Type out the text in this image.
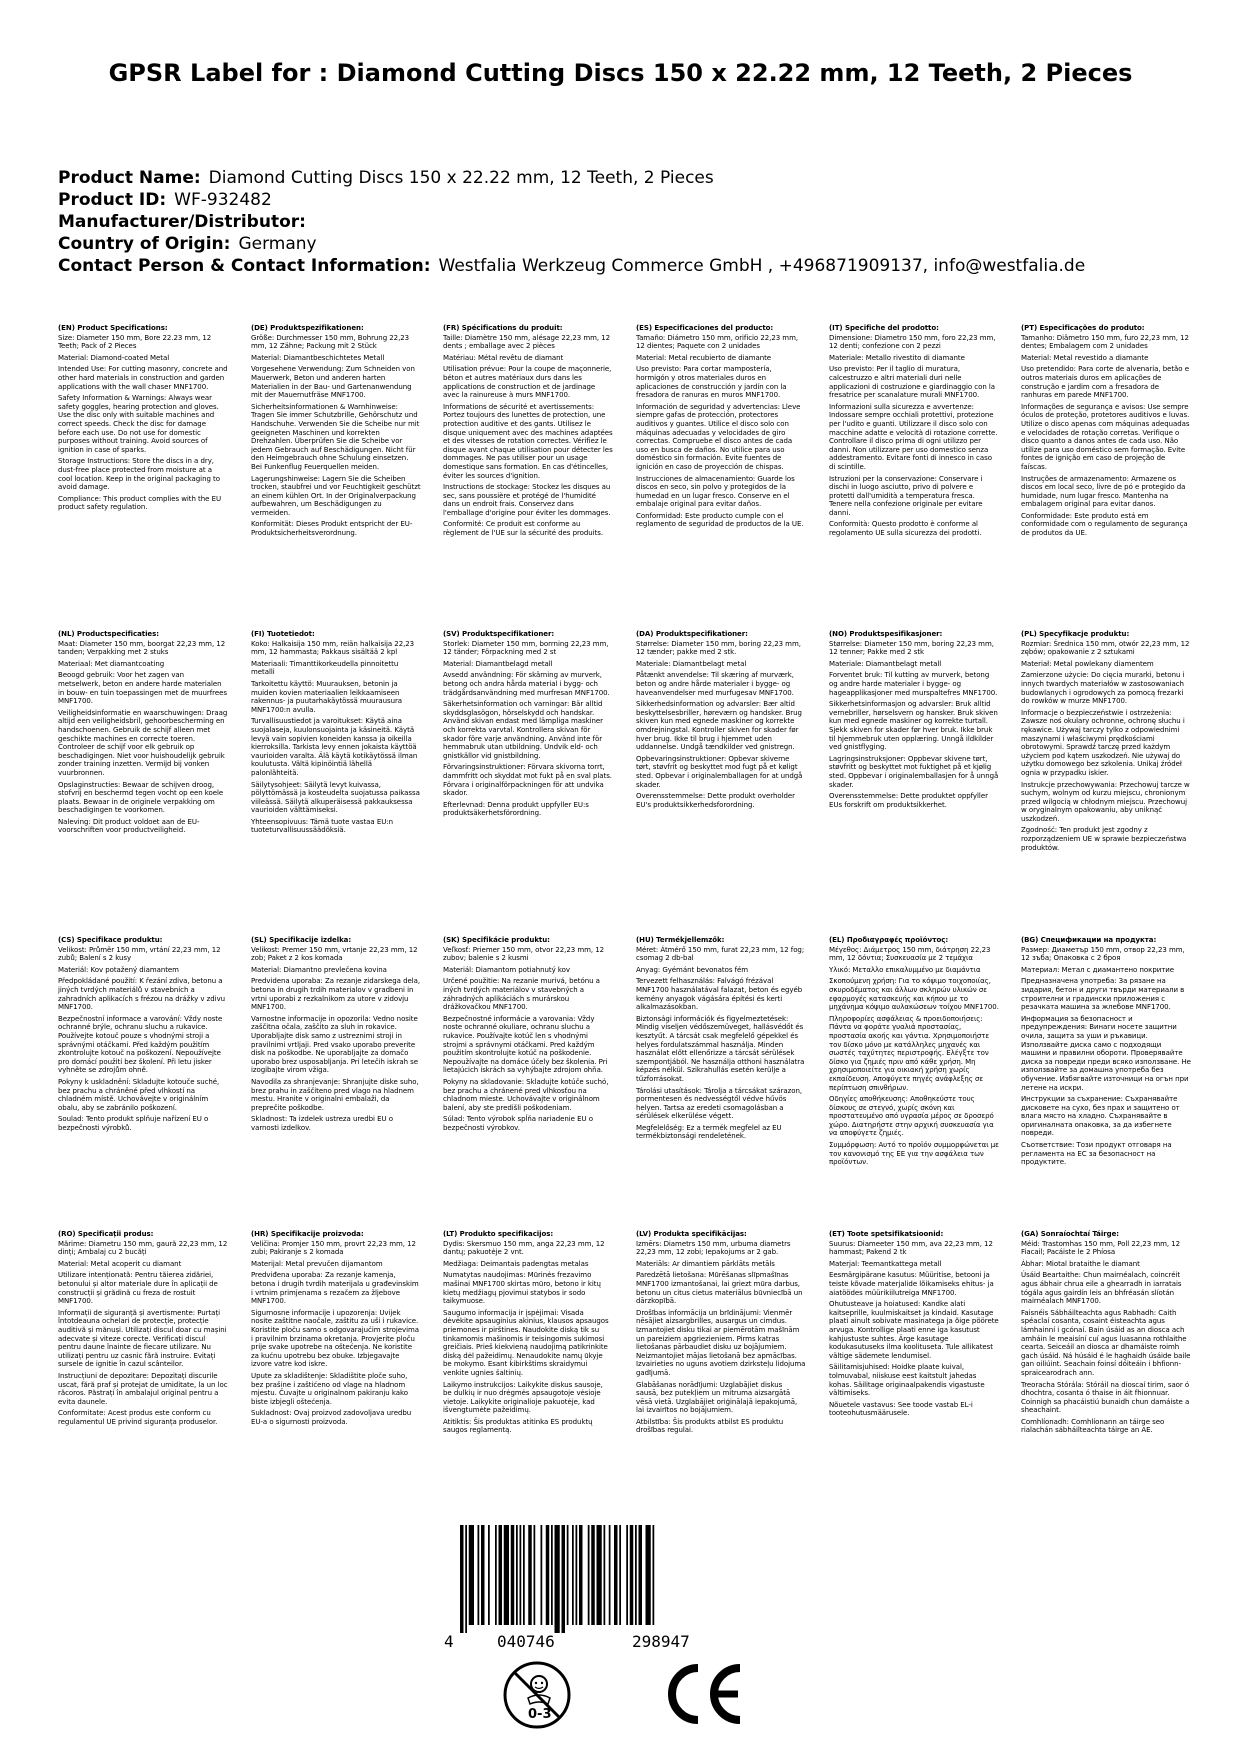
GPSR Label for : Diamond Cutting Discs 150 x 22.22 mm, 12 Teeth, 2 Pieces
Product Name: Diamond Cutting Discs 150 x 22.22 mm, 12 Teeth, 2 Pieces
Product ID: WF-932482
Manufacturer/Distributor:
Country of Origin: Germany
Contact Person & Contact Information: Westfalia Werkzeug Commerce GmbH , +496871909137, info@westfalia.de

(EN) Product Specifications:

Size: Diameter 150 mm, Bore 22.23 mm, 12 Teeth; Pack of 2 Pieces

Material: Diamond-coated Metal

Intended Use: For cutting masonry, concrete and other hard materials in construction and garden applications with the wall chaser MNF1700.

Safety Information & Warnings: Always wear safety goggles, hearing protection and gloves. Use the disc only with suitable machines and correct speeds. Check the disc for damage before each use. Do not use for domestic purposes without training. Avoid sources of ignition in case of sparks.

Storage Instructions: Store the discs in a dry, dust-free place protected from moisture at a cool location. Keep in the original packaging to avoid damage.

Compliance: This product complies with the EU product safety regulation.

(DE) Produktspezifikationen:

Größe: Durchmesser 150 mm, Bohrung 22,23 mm, 12 Zähne; Packung mit 2 Stück

Material: Diamantbeschichtetes Metall

Vorgesehene Verwendung: Zum Schneiden von Mauerwerk, Beton und anderen harten Materialien in der Bau- und Gartenanwendung mit der Mauernutfräse MNF1700.

Sicherheitsinformationen & Warnhinweise: Tragen Sie immer Schutzbrille, Gehörschutz und Handschuhe. Verwenden Sie die Scheibe nur mit geeigneten Maschinen und korrekten Drehzahlen. Überprüfen Sie die Scheibe vor jedem Gebrauch auf Beschädigungen. Nicht für den Heimgebrauch ohne Schulung einsetzen. Bei Funkenflug Feuerquellen meiden.

Lagerungshinweise: Lagern Sie die Scheiben trocken, staubfrei und vor Feuchtigkeit geschützt an einem kühlen Ort. In der Originalverpackung aufbewahren, um Beschädigungen zu vermeiden.

Konformität: Dieses Produkt entspricht der EU-Produktsicherheitsverordnung.

(FR) Spécifications du produit:

Taille: Diamètre 150 mm, alésage 22,23 mm, 12 dents ; emballage avec 2 pièces

Matériau: Métal revêtu de diamant

Utilisation prévue: Pour la coupe de maçonnerie, béton et autres matériaux durs dans les applications de construction et de jardinage avec la rainureuse à murs MNF1700.

Informations de sécurité et avertissements: Portez toujours des lunettes de protection, une protection auditive et des gants. Utilisez le disque uniquement avec des machines adaptées et des vitesses de rotation correctes. Vérifiez le disque avant chaque utilisation pour détecter les dommages. Ne pas utiliser pour un usage domestique sans formation. En cas d'étincelles, éviter les sources d'ignition.

Instructions de stockage: Stockez les disques au sec, sans poussière et protégé de l'humidité dans un endroit frais. Conservez dans l'emballage d'origine pour éviter les dommages.

Conformité: Ce produit est conforme au règlement de l'UE sur la sécurité des produits.

(ES) Especificaciones del producto:

Tamaño: Diámetro 150 mm, orificio 22,23 mm, 12 dientes; Paquete con 2 unidades

Material: Metal recubierto de diamante

Uso previsto: Para cortar mampostería, hormigón y otros materiales duros en aplicaciones de construcción y jardín con la fresadora de ranuras en muros MNF1700.

Información de seguridad y advertencias: Lleve siempre gafas de protección, protectores auditivos y guantes. Utilice el disco solo con máquinas adecuadas y velocidades de giro correctas. Compruebe el disco antes de cada uso en busca de daños. No utilice para uso doméstico sin formación. Evite fuentes de ignición en caso de proyección de chispas.

Instrucciones de almacenamiento: Guarde los discos en seco, sin polvo y protegidos de la humedad en un lugar fresco. Conserve en el embalaje original para evitar daños.

Conformidad: Este producto cumple con el reglamento de seguridad de productos de la UE.

(IT) Specifiche del prodotto:

Dimensione: Diametro 150 mm, foro 22,23 mm, 12 denti; confezione con 2 pezzi

Materiale: Metallo rivestito di diamante

Uso previsto: Per il taglio di muratura, calcestruzzo e altri materiali duri nelle applicazioni di costruzione e giardinaggio con la fresatrice per scanalature murali MNF1700.

Informazioni sulla sicurezza e avvertenze: Indossare sempre occhiali protettivi, protezione per l'udito e guanti. Utilizzare il disco solo con macchine adatte e velocità di rotazione corrette. Controllare il disco prima di ogni utilizzo per danni. Non utilizzare per uso domestico senza addestramento. Evitare fonti di innesco in caso di scintille.

Istruzioni per la conservazione: Conservare i dischi in luogo asciutto, privo di polvere e protetti dall'umidità a temperatura fresca. Tenere nella confezione originale per evitare danni.

Conformità: Questo prodotto è conforme al regolamento UE sulla sicurezza dei prodotti.

(PT) Especificações do produto:

Tamanho: Diâmetro 150 mm, furo 22,23 mm, 12 dentes; Embalagem com 2 unidades

Material: Metal revestido a diamante

Uso pretendido: Para corte de alvenaria, betão e outros materiais duros em aplicações de construção e jardim com a fresadora de ranhuras em parede MNF1700.

Informações de segurança e avisos: Use sempre óculos de proteção, protetores auditivos e luvas. Utilize o disco apenas com máquinas adequadas e velocidades de rotação corretas. Verifique o disco quanto a danos antes de cada uso. Não utilize para uso doméstico sem formação. Evite fontes de ignição em caso de projeção de faíscas.

Instruções de armazenamento: Armazene os discos em local seco, livre de pó e protegido da humidade, num lugar fresco. Mantenha na embalagem original para evitar danos.

Conformidade: Este produto está em conformidade com o regulamento de segurança de produtos da UE.

(NL) Productspecificaties:

Maat: Diameter 150 mm, boorgat 22,23 mm, 12 tanden; Verpakking met 2 stuks

Materiaal: Met diamantcoating

Beoogd gebruik: Voor het zagen van metselwerk, beton en andere harde materialen in bouw- en tuin toepassingen met de muurfrees MNF1700.

Veiligheidsinformatie en waarschuwingen: Draag altijd een veiligheidsbril, gehoorbescherming en handschoenen. Gebruik de schijf alleen met geschikte machines en correcte toeren. Controleer de schijf voor elk gebruik op beschadigingen. Niet voor huishoudelijk gebruik zonder training inzetten. Vermijd bij vonken vuurbronnen.

Opslaginstructies: Bewaar de schijven droog, stofvrij en beschermd tegen vocht op een koele plaats. Bewaar in de originele verpakking om beschadigingen te voorkomen.

Naleving: Dit product voldoet aan de EU-voorschriften voor productveiligheid.

(FI) Tuotetiedot:

Koko: Halkaisija 150 mm, reiän halkaisija 22,23 mm, 12 hammasta; Pakkaus sisältää 2 kpl

Materiaali: Timanttikorkeudella pinnoitettu metalli

Tarkoitettu käyttö: Muurauksen, betonin ja muiden kovien materiaalien leikkaamiseen rakennus- ja puutarhakäytössä muurausura MNF1700:n avulla.

Turvallisuustiedot ja varoitukset: Käytä aina suojalaseja, kuulonsuojainta ja käsineitä. Käytä levyä vain sopivien koneiden kanssa ja oikeilla kierroksilla. Tarkista levy ennen jokaista käyttöä vaurioiden varalta. Älä käytä kotikäytössä ilman koulutusta. Vältä kipinöintiä lähellä palonlähteitä.

Säilytysohjeet: Säilytä levyt kuivassa, pölyttömässä ja kosteudelta suojatussa paikassa viileässä. Säilytä alkuperäisessä pakkauksessa vaurioiden välttämiseksi.

Yhteensopivuus: Tämä tuote vastaa EU:n tuoteturvallisuussäädöksiä.

(SV) Produktspecifikationer:

Storlek: Diameter 150 mm, borrning 22,23 mm, 12 tänder; Förpackning med 2 st

Material: Diamantbelagd metall

Avsedd användning: För skärning av murverk, betong och andra hårda material i bygg- och trädgårdsanvändning med murfresan MNF1700.

Säkerhetsinformation och varningar: Bär alltid skyddsglasögon, hörselskydd och handskar. Använd skivan endast med lämpliga maskiner och korrekta varvtal. Kontrollera skivan för skador före varje användning. Använd inte för hemmabruk utan utbildning. Undvik eld- och gnistkällor vid gnistbildning.

Förvaringsinstruktioner: Förvara skivorna torrt, dammfritt och skyddat mot fukt på en sval plats. Förvara i originalförpackningen för att undvika skador.

Efterlevnad: Denna produkt uppfyller EU:s produktsäkerhetsförordning.

(DA) Produktspecifikationer:

Størrelse: Diameter 150 mm, boring 22,23 mm, 12 tænder; pakke med 2 stk.

Materiale: Diamantbelagt metal

Påtænkt anvendelse: Til skæring af murværk, beton og andre hårde materialer i bygge- og haveanvendelser med murfugesav MNF1700.

Sikkerhedsinformation og advarsler: Bær altid beskyttelsesbriller, høreværn og handsker. Brug skiven kun med egnede maskiner og korrekte omdrejningstal. Kontroller skiven for skader før hver brug. Ikke til brug i hjemmet uden uddannelse. Undgå tændkilder ved gnistregn.

Opbevaringsinstruktioner: Opbevar skiverne tørt, støvfrit og beskyttet mod fugt på et køligt sted. Opbevar i originalemballagen for at undgå skader.

Overensstemmelse: Dette produkt overholder EU's produktsikkerhedsforordning.

(NO) Produktspesifikasjoner:

Størrelse: Diameter 150 mm, boring 22,23 mm, 12 tenner; Pakke med 2 stk

Materiale: Diamantbelagt metall

Forventet bruk: Til kutting av murverk, betong og andre harde materialer i bygge- og hageapplikasjoner med murspaltefres MNF1700.

Sikkerhetsinformasjon og advarsler: Bruk alltid vernebriller, hørselsvern og hansker. Bruk skiven kun med egnede maskiner og korrekte turtall. Sjekk skiven for skader før hver bruk. Ikke bruk til hjemmebruk uten opplæring. Unngå ildkilder ved gnistflyging.

Lagringsinstruksjoner: Oppbevar skivene tørt, støvfritt og beskyttet mot fuktighet på et kjølig sted. Oppbevar i originalemballasjen for å unngå skader.

Overensstemmelse: Dette produktet oppfyller EUs forskrift om produktsikkerhet.

(PL) Specyfikacje produktu:

Rozmiar: Średnica 150 mm, otwór 22,23 mm, 12 zębów; opakowanie z 2 sztukami

Materiał: Metal powlekany diamentem

Zamierzone użycie: Do cięcia murarki, betonu i innych twardych materiałów w zastosowaniach budowlanych i ogrodowych za pomocą frezarki do rowków w murze MNF1700.

Informacje o bezpieczeństwie i ostrzeżenia: Zawsze noś okulary ochronne, ochronę słuchu i rękawice. Używaj tarczy tylko z odpowiednimi maszynami i właściwymi prędkościami obrotowymi. Sprawdź tarczę przed każdym użyciem pod kątem uszkodzeń. Nie używaj do użytku domowego bez szkolenia. Unikaj źródeł ognia w przypadku iskier.

Instrukcje przechowywania: Przechowuj tarcze w suchym, wolnym od kurzu miejscu, chronionym przed wilgocią w chłodnym miejscu. Przechowuj w oryginalnym opakowaniu, aby uniknąć uszkodzeń.

Zgodność: Ten produkt jest zgodny z rozporządzeniem UE w sprawie bezpieczeństwa produktów.

(CS) Specifikace produktu:

Velikost: Průměr 150 mm, vrtání 22,23 mm, 12 zubů; Balení s 2 kusy

Materiál: Kov potažený diamantem

Předpokládané použití: K řezání zdiva, betonu a jiných tvrdých materiálů v stavebních a zahradních aplikacích s frézou na drážky v zdivu MNF1700.

Bezpečnostní informace a varování: Vždy noste ochranné brýle, ochranu sluchu a rukavice. Používejte kotouč pouze s vhodnými stroji a správnými otáčkami. Před každým použitím zkontrolujte kotouč na poškození. Nepoužívejte pro domácí použití bez školení. Při letu jisker vyhněte se zdrojům ohně.

Pokyny k uskladnění: Skladujte kotouče suché, bez prachu a chráněné před vlhkostí na chladném místě. Uchovávejte v originálním obalu, aby se zabránilo poškození.

Soulad: Tento produkt splňuje nařízení EU o bezpečnosti výrobků.

(SL) Specifikacije izdelka:

Velikost: Premer 150 mm, vrtanje 22,23 mm, 12 zob; Paket z 2 kos komada

Material: Diamantno prevlečena kovina

Predvidena uporaba: Za rezanje zidarskega dela, betona in drugih trdih materialov v gradbeni in vrtni uporabi z rezkalnikom za utore v zidovju MNF1700.

Varnostne informacije in opozorila: Vedno nosite zaščitna očala, zaščito za sluh in rokavice. Uporabljajte disk samo z ustreznimi stroji in pravilnimi vrtljaji. Pred vsako uporabo preverite disk na poškodbe. Ne uporabljajte za domačo uporabo brez usposabljanja. Pri letečih iskrah se izogibajte virom vžiga.

Navodila za shranjevanje: Shranjujte diske suho, brez prahu in zaščiteno pred vlago na hladnem mestu. Hranite v originalni embalaži, da preprečite poškodbe.

Skladnost: Ta izdelek ustreza uredbi EU o varnosti izdelkov.

(SK) Špecifikácie produktu:

Veľkosť: Priemer 150 mm, otvor 22,23 mm, 12 zubov; balenie s 2 kusmi

Materiál: Diamantom potiahnutý kov

Určené použitie: Na rezanie murivá, betónu a iných tvrdých materiálov v stavebných a záhradných aplikáciách s murárskou drážkovačkou MNF1700.

Bezpečnostné informácie a varovania: Vždy noste ochranné okuliare, ochranu sluchu a rukavice. Používajte kotúč len s vhodnými strojmi a správnymi otáčkami. Pred každým použitím skontrolujte kotúč na poškodenie. Nepoužívajte na domáce účely bez školenia. Pri lietajúcich iskrách sa vyhýbajte zdrojom ohňa.

Pokyny na skladovanie: Skladujte kotúče suchó, bez prachu a chránené pred vlhkosťou na chladnom mieste. Uchovávajte v originálnom balení, aby ste predišli poškodeniam.

Súlad: Tento výrobok spĺňa nariadenie EU o bezpečnosti výrobkov.

(HU) Termékjellemzők:

Méret: Átmérő 150 mm, furat 22,23 mm, 12 fog; csomag 2 db-bal

Anyag: Gyémánt bevonatos fém

Tervezett felhasználás: Falvágó frézával MNF1700 használatával falazat, beton és egyéb kemény anyagok vágására építési és kerti alkalmazásokban.

Biztonsági információk és figyelmeztetések: Mindig viseljen védőszemüveget, hallásvédőt és kesztyűt. A tárcsát csak megfelelő gépekkel és helyes fordulatszámmal használja. Minden használat előtt ellenőrizze a tárcsát sérülések szempontjából. Ne használja otthoni használatra képzés nélkül. Szikrahullás esetén kerülje a tűzforrásokat.

Tárolási utasítások: Tárolja a tárcsákat szárazon, pormentesen és nedvességtől védve hűvös helyen. Tartsa az eredeti csomagolásban a sérülések elkerülése végett.

Megfelelőség: Ez a termék megfelel az EU termékbiztonsági rendeletének.

(EL) Προδιαγραφές προϊόντος:

Μέγεθος: Διάμετρος 150 mm, διάτρηση 22,23 mm, 12 δόντια; Συσκευασία με 2 τεμάχια

Υλικό: Μεταλλο επικαλυμμένο με διαμάντια

Σκοπούμενη χρήση: Για το κόψιμο τοιχοποιίας, σκυροδέματος και άλλων σκληρών υλικών σε εφαρμογές κατασκευής και κήπου με το μηχάνημα κόψιμο αυλακώσεων τοίχου MNF1700.

Πληροφορίες ασφάλειας & προειδοποιήσεις: Πάντα να φοράτε γυαλιά προστασίας, προστασία ακοής και γάντια. Χρησιμοποιήστε τον δίσκο μόνο με κατάλληλες μηχανές και σωστές ταχύτητες περιστροφής. Ελέγξτε τον δίσκο για ζημιές πριν από κάθε χρήση. Μη χρησιμοποιείτε για οικιακή χρήση χωρίς εκπαίδευση. Αποφύγετε πηγές ανάφλεξης σε περίπτωση σπινθήρων.

Οδηγίες αποθήκευσης: Αποθηκεύστε τους δίσκους σε στεγνό, χωρίς σκόνη και προστατευμένο από υγρασία μέρος σε δροσερό χώρο. Διατηρήστε στην αρχική συσκευασία για να αποφύγετε ζημιές.

Συμμόρφωση: Αυτό το προϊόν συμμορφώνεται με τον κανονισμό της ΕΕ για την ασφάλεια των προϊόντων.

(BG) Спецификации на продукта:

Размер: Диаметър 150 mm, отвор 22,23 mm, 12 зъба; Опаковка с 2 броя

Материал: Метал с диамантено покритие

Предназначена употреба: За рязане на зидария, бетон и други твърди материали в строителни и градински приложения с резачката машина за жлебове MNF1700.

Информация за безопасност и предупреждения: Винаги носете защитни очила, защита за уши и ръкавици. Използвайте диска само с подходящи машини и правилни обороти. Проверявайте диска за повреди преди всяко използване. Не използвайте за домашна употреба без обучение. Избягвайте източници на огън при летене на искри.

Инструкции за съхранение: Съхранявайте дисковете на сухо, без прах и защитено от влага място на хладно. Съхранявайте в оригиналната опаковка, за да избегнете повреди.

Съответствие: Този продукт отговаря на регламента на ЕС за безопасност на продуктите.

(RO) Specificații produs:

Mărime: Diametru 150 mm, gaură 22,23 mm, 12 dinți; Ambalaj cu 2 bucăți

Material: Metal acoperit cu diamant

Utilizare intenționată: Pentru tăierea zidăriei, betonului și altor materiale dure în aplicații de construcții și grădină cu freza de rostuit MNF1700.

Informații de siguranță și avertismente: Purtați întotdeauna ochelari de protecție, protecție auditivă și mănuși. Utilizați discul doar cu mașini adecvate și viteze corecte. Verificați discul pentru daune înainte de fiecare utilizare. Nu utilizați pentru uz casnic fără instruire. Evitați sursele de ignitie în cazul scânteilor.

Instrucțiuni de depozitare: Depozitați discurile uscat, fără praf și protejat de umiditate, la un loc răcoros. Păstrați în ambalajul original pentru a evita daunele.

Conformitate: Acest produs este conform cu regulamentul UE privind siguranța produselor.

(HR) Specifikacije proizvoda:

Veličina: Promjer 150 mm, provrt 22,23 mm, 12 zubi; Pakiranje s 2 komada

Materijal: Metal prevučen dijamantom

Predviđena uporaba: Za rezanje kamenja, betona i drugih tvrdih materijala u građevinskim i vrtnim primjenama s rezačem za žljebove MNF1700.

Sigurnosne informacije i upozorenja: Uvijek nosite zaštitne naočale, zaštitu za uši i rukavice. Koristite ploču samo s odgovarajućim strojevima i pravilnim brzinama okretanja. Provjerite ploču prije svake upotrebe na oštećenja. Ne koristite za kućnu upotrebu bez obuke. Izbjegavajte izvore vatre kod iskre.

Upute za skladištenje: Skladištite ploče suho, bez prašine i zaštićeno od vlage na hladnom mjestu. Čuvajte u originalnom pakiranju kako biste izbjegli oštećenja.

Sukladnost: Ovaj proizvod zadovoljava uredbu EU-a o sigurnosti proizvoda.

(LT) Produkto specifikacijos:

Dydis: Skersmuo 150 mm, anga 22,23 mm, 12 dantų; pakuotėje 2 vnt.

Medžiaga: Deimantais padengtas metalas

Numatytas naudojimas: Mūrinės frezavimo mašinai MNF1700 skirtas mūro, betono ir kitų kietų medžiagų pjovimui statybos ir sodo taikymuose.

Saugumo informacija ir įspėjimai: Visada dėvėkite apsauginius akinius, klausos apsaugos priemones ir pirštines. Naudokite diską tik su tinkamomis mašinomis ir teisingomis sukimosi greičiais. Prieš kiekvieną naudojimą patikrinkite diską dėl pažeidimų. Nenaudokite namų ūkyje be mokymo. Esant kibirkštims skraidymui venkite ugnies šaltinių.

Laikymo instrukcijos: Laikykite diskus sausoje, be dulkių ir nuo drėgmės apsaugotoje vėsioje vietoje. Laikykite originalioje pakuotėje, kad išvengtumėte pažeidimų.

Atitiktis: Šis produktas atitinka ES produktų saugos reglamentą.

(LV) Produkta specifikācijas:

Izmērs: Diametrs 150 mm, urbuma diametrs 22,23 mm, 12 zobi; Iepakojums ar 2 gab.

Materiāls: Ar dimantiem pārklāts metāls

Paredzētā lietošana: Mūrēšanas slīpmašīnas MNF1700 izmantošanai, lai griezt mūra darbus, betonu un citus cietus materiālus būvniecībā un dārzkopībā.

Drošības informācija un brīdinājumi: Vienmēr nēsājiet aizsargbrilles, ausargus un cimdus. Izmantojiet disku tikai ar piemērotām mašīnām un pareiziem apgriezieniem. Pirms katras lietošanas pārbaudiet disku uz bojājumiem. Neizmantojiet mājas lietošanā bez apmācības. Izvairieties no uguns avotiem dzirksteļu lidojuma gadījumā.

Glabāšanas norādījumi: Uzglabājiet diskus sausā, bez putekļiem un mitruma aizsargātā vēsā vietā. Uzglabājiet oriģinālajā iepakojumā, lai izvairītos no bojājumiem.

Atbilstība: Šis produkts atbilst ES produktu drošības regulai.

(ET) Toote spetsifikatsioonid:

Suurus: Diameeter 150 mm, ava 22,23 mm, 12 hammast; Pakend 2 tk

Materjal: Teemantkattega metall

Eesmärgipärane kasutus: Müüritise, betooni ja teiste kõvade materjalide lõikamiseks ehitus- ja aiatöödes müürikiilutreiga MNF1700.

Ohutusteave ja hoiatused: Kandke alati kaitseprille, kuulmiskaitset ja kindaid. Kasutage plaati ainult sobivate masinatega ja õige pöörete arvuga. Kontrollige plaati enne iga kasutust kahjustuste suhtes. Ärge kasutage kodukasutuseks ilma koolituseta. Tule allikatest vältige sädemete lendumisel.

Säilitamisjuhised: Hoidke plaate kuival, tolmuvabal, niiskuse eest kaitstult jahedas kohas. Säilitage originaalpakendis vigastuste vältimiseks.

Nõuetele vastavus: See toode vastab EL-i tooteohutusmäärusele.

(GA) Sonraíochtaí Táirge:

Méid: Trastomhas 150 mm, Poll 22,23 mm, 12 Fiacail; Pacáiste le 2 Phíosa

Ábhar: Miotal brataithe le diamant

Úsáid Beartaithe: Chun mairnéalach, coincréit agus ábhair chrua eile a ghearradh in iarratais tógála agus gairdín leis an bhfréasán slíotán mairnéalach MNF1700.

Faisnéis Sábháilteachta agus Rabhadh: Caith spéaclaí cosanta, cosaint éisteachta agus lámhainní i gcónaí. Bain úsáid as an diosca ach amháin le meaisíní cuí agus luasanna rothlaithe cearta. Seiceáil an diosca ar dhamáiste roimh gach úsáid. Ná húsáid é le haghaidh úsáide baile gan oiliúint. Seachain foinsí dóiteáin i bhfionn-spraicearodrach ann.

Treoracha Stórála: Stóráil na dioscaí tirim, saor ó dhochtra, cosanta ó thaise in áit fhionnuar. Coinnigh sa phacáistiú bunaidh chun damáiste a sheachaint.

Comhlíonadh: Comhlíonann an táirge seo rialachán sábháilteachta táirge an AE.

4	040746	298947
0-3
